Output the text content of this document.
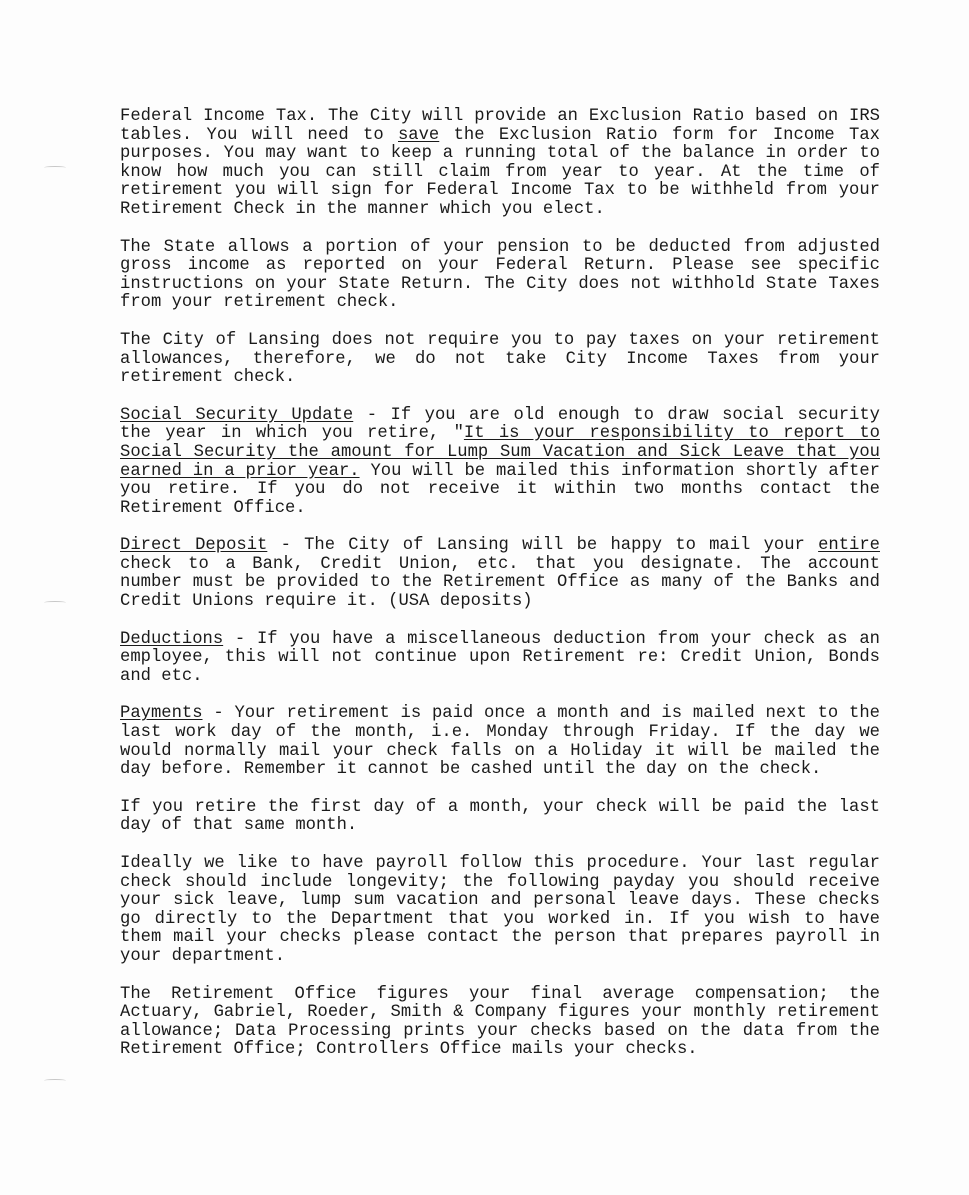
Federal Income Tax. The City will provide an Exclusion Ratio based on IRS tables. You will need to save the Exclusion Ratio form for Income Tax purposes. You may want to keep a running total of the balance in order to know how much you can still claim from year to year. At the time of retirement you will sign for Federal Income Tax to be withheld from your Retirement Check in the manner which you elect.

The State allows a portion of your pension to be deducted from adjusted gross income as reported on your Federal Return. Please see specific instructions on your State Return. The City does not withhold State Taxes from your retirement check.

The City of Lansing does not require you to pay taxes on your retirement allowances, therefore, we do not take City Income Taxes from your retirement check.

Social Security Update - If you are old enough to draw social security the year in which you retire, "It is your responsibility to report to Social Security the amount for Lump Sum Vacation and Sick Leave that you earned in a prior year. You will be mailed this information shortly after you retire. If you do not receive it within two months contact the Retirement Office.

Direct Deposit - The City of Lansing will be happy to mail your entire check to a Bank, Credit Union, etc. that you designate. The account number must be provided to the Retirement Office as many of the Banks and Credit Unions require it. (USA deposits)

Deductions - If you have a miscellaneous deduction from your check as an employee, this will not continue upon Retirement re: Credit Union, Bonds and etc.

Payments - Your retirement is paid once a month and is mailed next to the last work day of the month, i.e. Monday through Friday. If the day we would normally mail your check falls on a Holiday it will be mailed the day before. Remember it cannot be cashed until the day on the check.

If you retire the first day of a month, your check will be paid the last day of that same month.

Ideally we like to have payroll follow this procedure. Your last regular check should include longevity; the following payday you should receive your sick leave, lump sum vacation and personal leave days. These checks go directly to the Department that you worked in. If you wish to have them mail your checks please contact the person that prepares payroll in your department.

The Retirement Office figures your final average compensation; the Actuary, Gabriel, Roeder, Smith & Company figures your monthly retirement allowance; Data Processing prints your checks based on the data from the Retirement Office; Controllers Office mails your checks.
